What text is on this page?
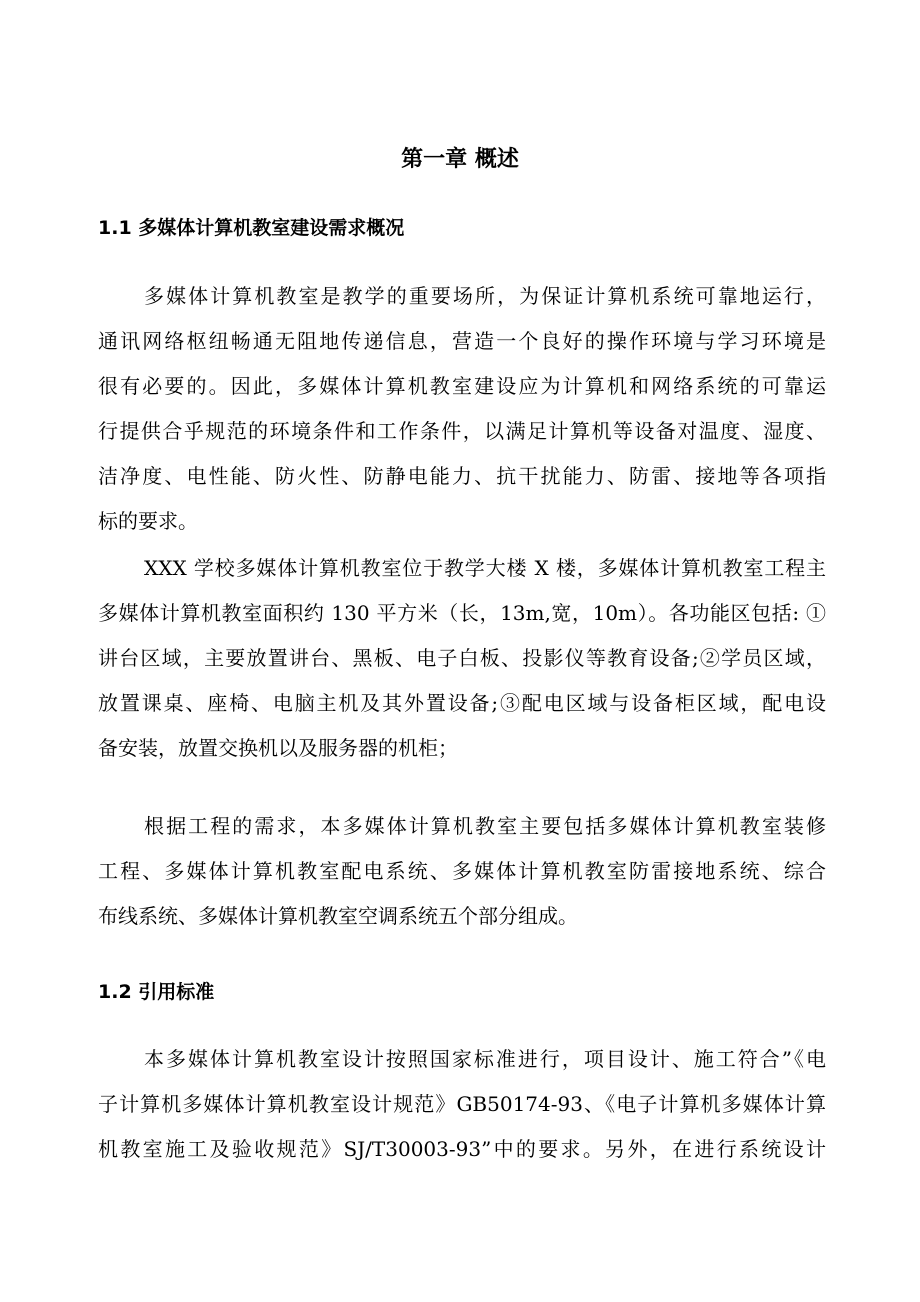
第一章 概述
1.1 多媒体计算机教室建设需求概况
多媒体计算机教室是教学的重要场所，为保证计算机系统可靠地运行，
通讯网络枢纽畅通无阻地传递信息，营造一个良好的操作环境与学习环境是
很有必要的。因此，多媒体计算机教室建设应为计算机和网络系统的可靠运
行提供合乎规范的环境条件和工作条件，以满足计算机等设备对温度、湿度、
洁净度、电性能、防火性、防静电能力、抗干扰能力、防雷、接地等各项指
标的要求。
XXX 学校多媒体计算机教室位于教学大楼 X 楼，多媒体计算机教室工程主
多媒体计算机教室面积约 130 平方米（长，13m,宽，10m）。各功能区包括: ①
讲台区域，主要放置讲台、黑板、电子白板、投影仪等教育设备;②学员区域，
放置课桌、座椅、电脑主机及其外置设备;③配电区域与设备柜区域，配电设
备安装，放置交换机以及服务器的机柜；
根据工程的需求，本多媒体计算机教室主要包括多媒体计算机教室装修
工程、多媒体计算机教室配电系统、多媒体计算机教室防雷接地系统、综合
布线系统、多媒体计算机教室空调系统五个部分组成。
1.2 引用标准
本多媒体计算机教室设计按照国家标准进行，项目设计、施工符合”《电
子计算机多媒体计算机教室设计规范》GB50174-93、《电子计算机多媒体计算
机教室施工及验收规范》SJ/T30003-93”中的要求。另外，在进行系统设计
